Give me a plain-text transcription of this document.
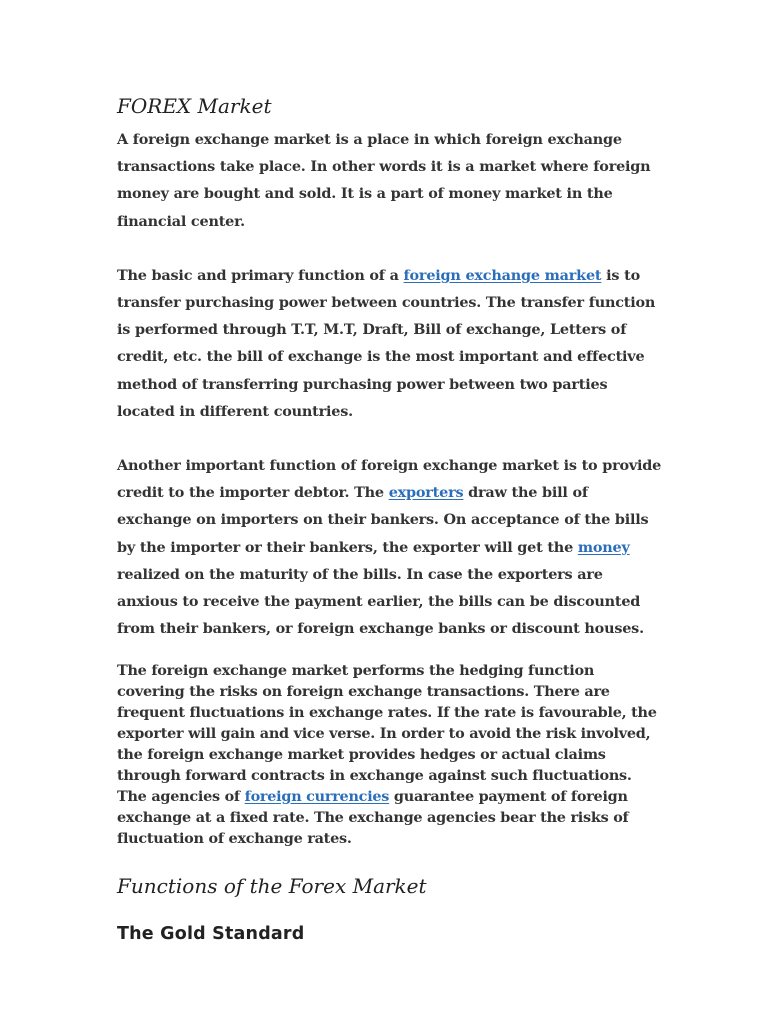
FOREX Market

A foreign exchange market is a place in which foreign exchange transactions take place. In other words it is a market where foreign money are bought and sold. It is a part of money market in the financial center.

The basic and primary function of a foreign exchange market is to transfer purchasing power between countries. The transfer function is performed through T.T, M.T, Draft, Bill of exchange, Letters of credit, etc. the bill of exchange is the most important and effective method of transferring purchasing power between two parties located in different countries.

Another important function of foreign exchange market is to provide credit to the importer debtor. The exporters draw the bill of exchange on importers on their bankers. On acceptance of the bills by the importer or their bankers, the exporter will get the money realized on the maturity of the bills. In case the exporters are anxious to receive the payment earlier, the bills can be discounted from their bankers, or foreign exchange banks or discount houses.

The foreign exchange market performs the hedging function covering the risks on foreign exchange transactions. There are frequent fluctuations in exchange rates. If the rate is favourable, the exporter will gain and vice verse. In order to avoid the risk involved, the foreign exchange market provides hedges or actual claims through forward contracts in exchange against such fluctuations. The agencies of foreign currencies guarantee payment of foreign exchange at a fixed rate. The exchange agencies bear the risks of fluctuation of exchange rates.

Functions of the Forex Market
The Gold Standard
